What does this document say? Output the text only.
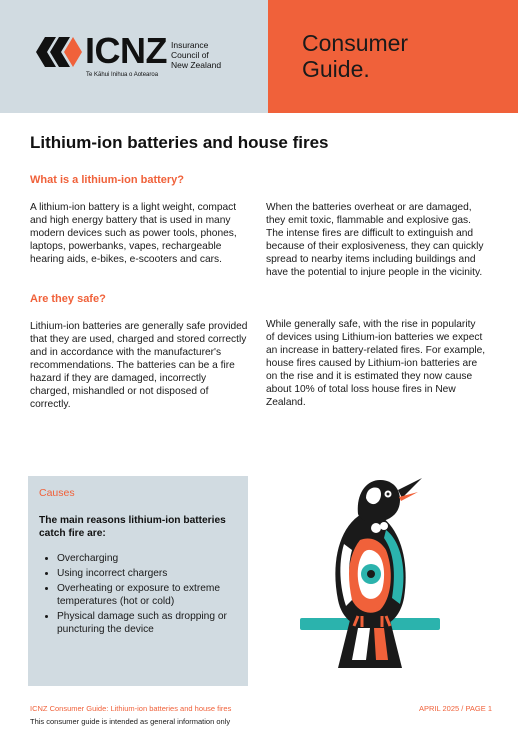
ICNZ Insurance
Council of
New Zealand
Te Kāhui Inihua o Aotearoa
Consumer
Guide.
Lithium-ion batteries and house fires
What is a lithium-ion battery?

A lithium-ion battery is a light weight, compact and high energy battery that is used in many modern devices such as power tools, phones, laptops, powerbanks, vapes, rechargeable hearing aids, e-bikes, e-scooters and cars.

Are they safe?

Lithium-ion batteries are generally safe provided that they are used, charged and stored correctly and in accordance with the manufacturer's recommendations. The batteries can be a fire hazard if they are damaged, incorrectly charged, mishandled or not disposed of correctly.

When the batteries overheat or are damaged, they emit toxic, flammable and explosive gas. The intense fires are difficult to extinguish and because of their explosiveness, they can quickly spread to nearby items including buildings and have the potential to injure people in the vicinity.

While generally safe, with the rise in popularity of devices using Lithium-ion batteries we expect an increase in battery-related fires. For example, house fires caused by Lithium-ion batteries are on the rise and it is estimated they now cause about 10% of total loss house fires in New Zealand.

Causes

The main reasons lithium-ion batteries catch fire are:

• Overcharging
• Using incorrect chargers
• Overheating or exposure to extreme temperatures (hot or cold)
• Physical damage such as dropping or puncturing the device
ICNZ Consumer Guide: Lithium-ion batteries and house fires
This consumer guide is intended as general information only
APRIL 2025 / PAGE 1
